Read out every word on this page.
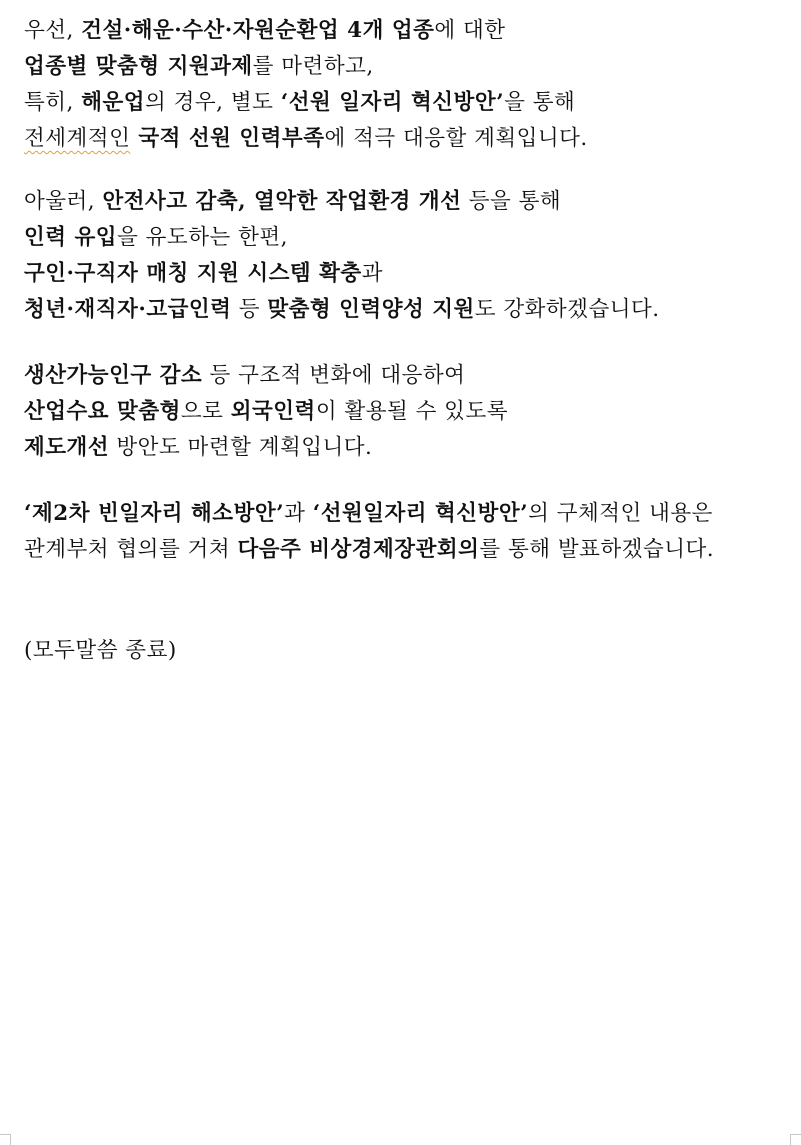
우선, 건설·해운·수산·자원순환업 4개 업종에 대한
업종별 맞춤형 지원과제를 마련하고,
특히, 해운업의 경우, 별도 ‘선원 일자리 혁신방안’을 통해
전세계적인 국적 선원 인력부족에 적극 대응할 계획입니다.
아울러, 안전사고 감축, 열악한 작업환경 개선 등을 통해
인력 유입을 유도하는 한편,
구인·구직자 매칭 지원 시스템 확충과
청년·재직자·고급인력 등 맞춤형 인력양성 지원도 강화하겠습니다.
생산가능인구 감소 등 구조적 변화에 대응하여
산업수요 맞춤형으로 외국인력이 활용될 수 있도록
제도개선 방안도 마련할 계획입니다.
‘제2차 빈일자리 해소방안’과 ‘선원일자리 혁신방안’의 구체적인 내용은
관계부처 협의를 거쳐 다음주 비상경제장관회의를 통해 발표하겠습니다.
(모두말씀 종료)
